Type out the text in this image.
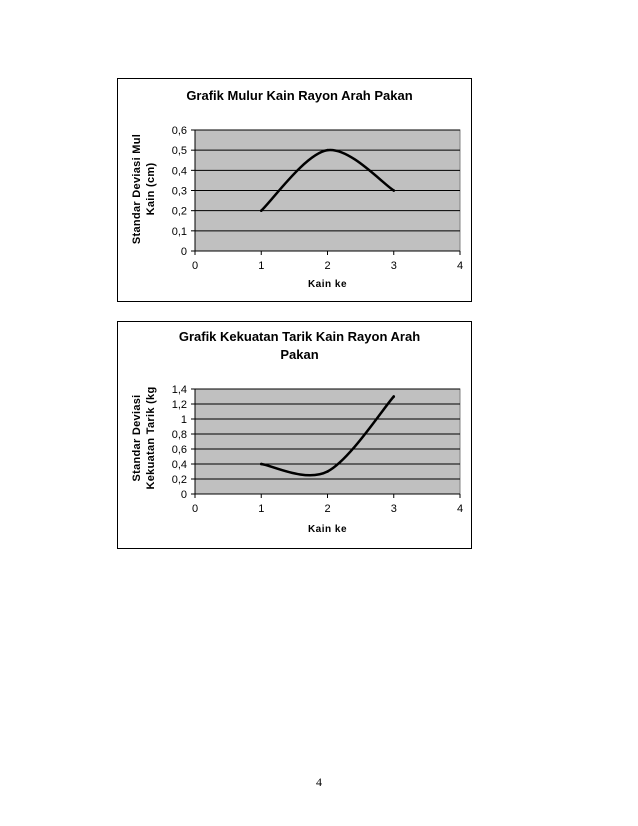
Grafik Mulur Kain Rayon Arah Pakan
Standar Deviasi Mul
Kain (cm)
0
0,1
0,2
0,3
0,4
0,5
0,6
0	1	2	3	4
Kain ke
Grafik Kekuatan Tarik Kain Rayon Arah Pakan
Standar Deviasi
Kekuatan Tarik (kg
0
0,2
0,4
0,6
0,8
1
1,2
1,4
0	1	2	3	4
Kain ke
4
